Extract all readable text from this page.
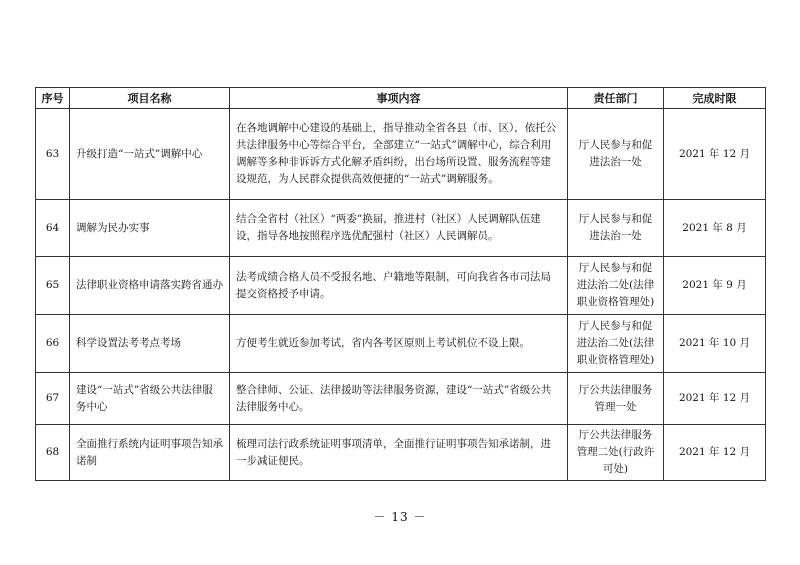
序号	项目名称	事项内容	责任部门	完成时限
63	升级打造“一站式”调解中心	在各地调解中心建设的基础上，指导推动全省各县（市、区），依托公共法律服务中心等综合平台，全部建立“一站式”调解中心，综合利用调解等多种非诉诉方式化解矛盾纠纷，出台场所设置、服务流程等建设规范，为人民群众提供高效便捷的“一站式”调解服务。	厅人民参与和促进法治一处	2021 年 12 月
64	调解为民办实事	结合全省村（社区）“两委”换届，推进村（社区）人民调解队伍建设，指导各地按照程序选优配强村（社区）人民调解员。	厅人民参与和促进法治一处	2021 年 8 月
65	法律职业资格申请落实跨省通办	法考成绩合格人员不受报名地、户籍地等限制，可向我省各市司法局提交资格授予申请。	厅人民参与和促进法治二处(法律职业资格管理处)	2021 年 9 月
66	科学设置法考考点考场	方便考生就近参加考试，省内各考区原则上考试机位不设上限。	厅人民参与和促进法治二处(法律职业资格管理处)	2021 年 10 月
67	建设“一站式”省级公共法律服务中心	整合律师、公证、法律援助等法律服务资源，建设“一站式”省级公共法律服务中心。	厅公共法律服务管理一处	2021 年 12 月
68	全面推行系统内证明事项告知承诺制	梳理司法行政系统证明事项清单，全面推行证明事项告知承诺制，进一步减证便民。	厅公共法律服务管理二处(行政许可处)	2021 年 12 月
－ 13 －
